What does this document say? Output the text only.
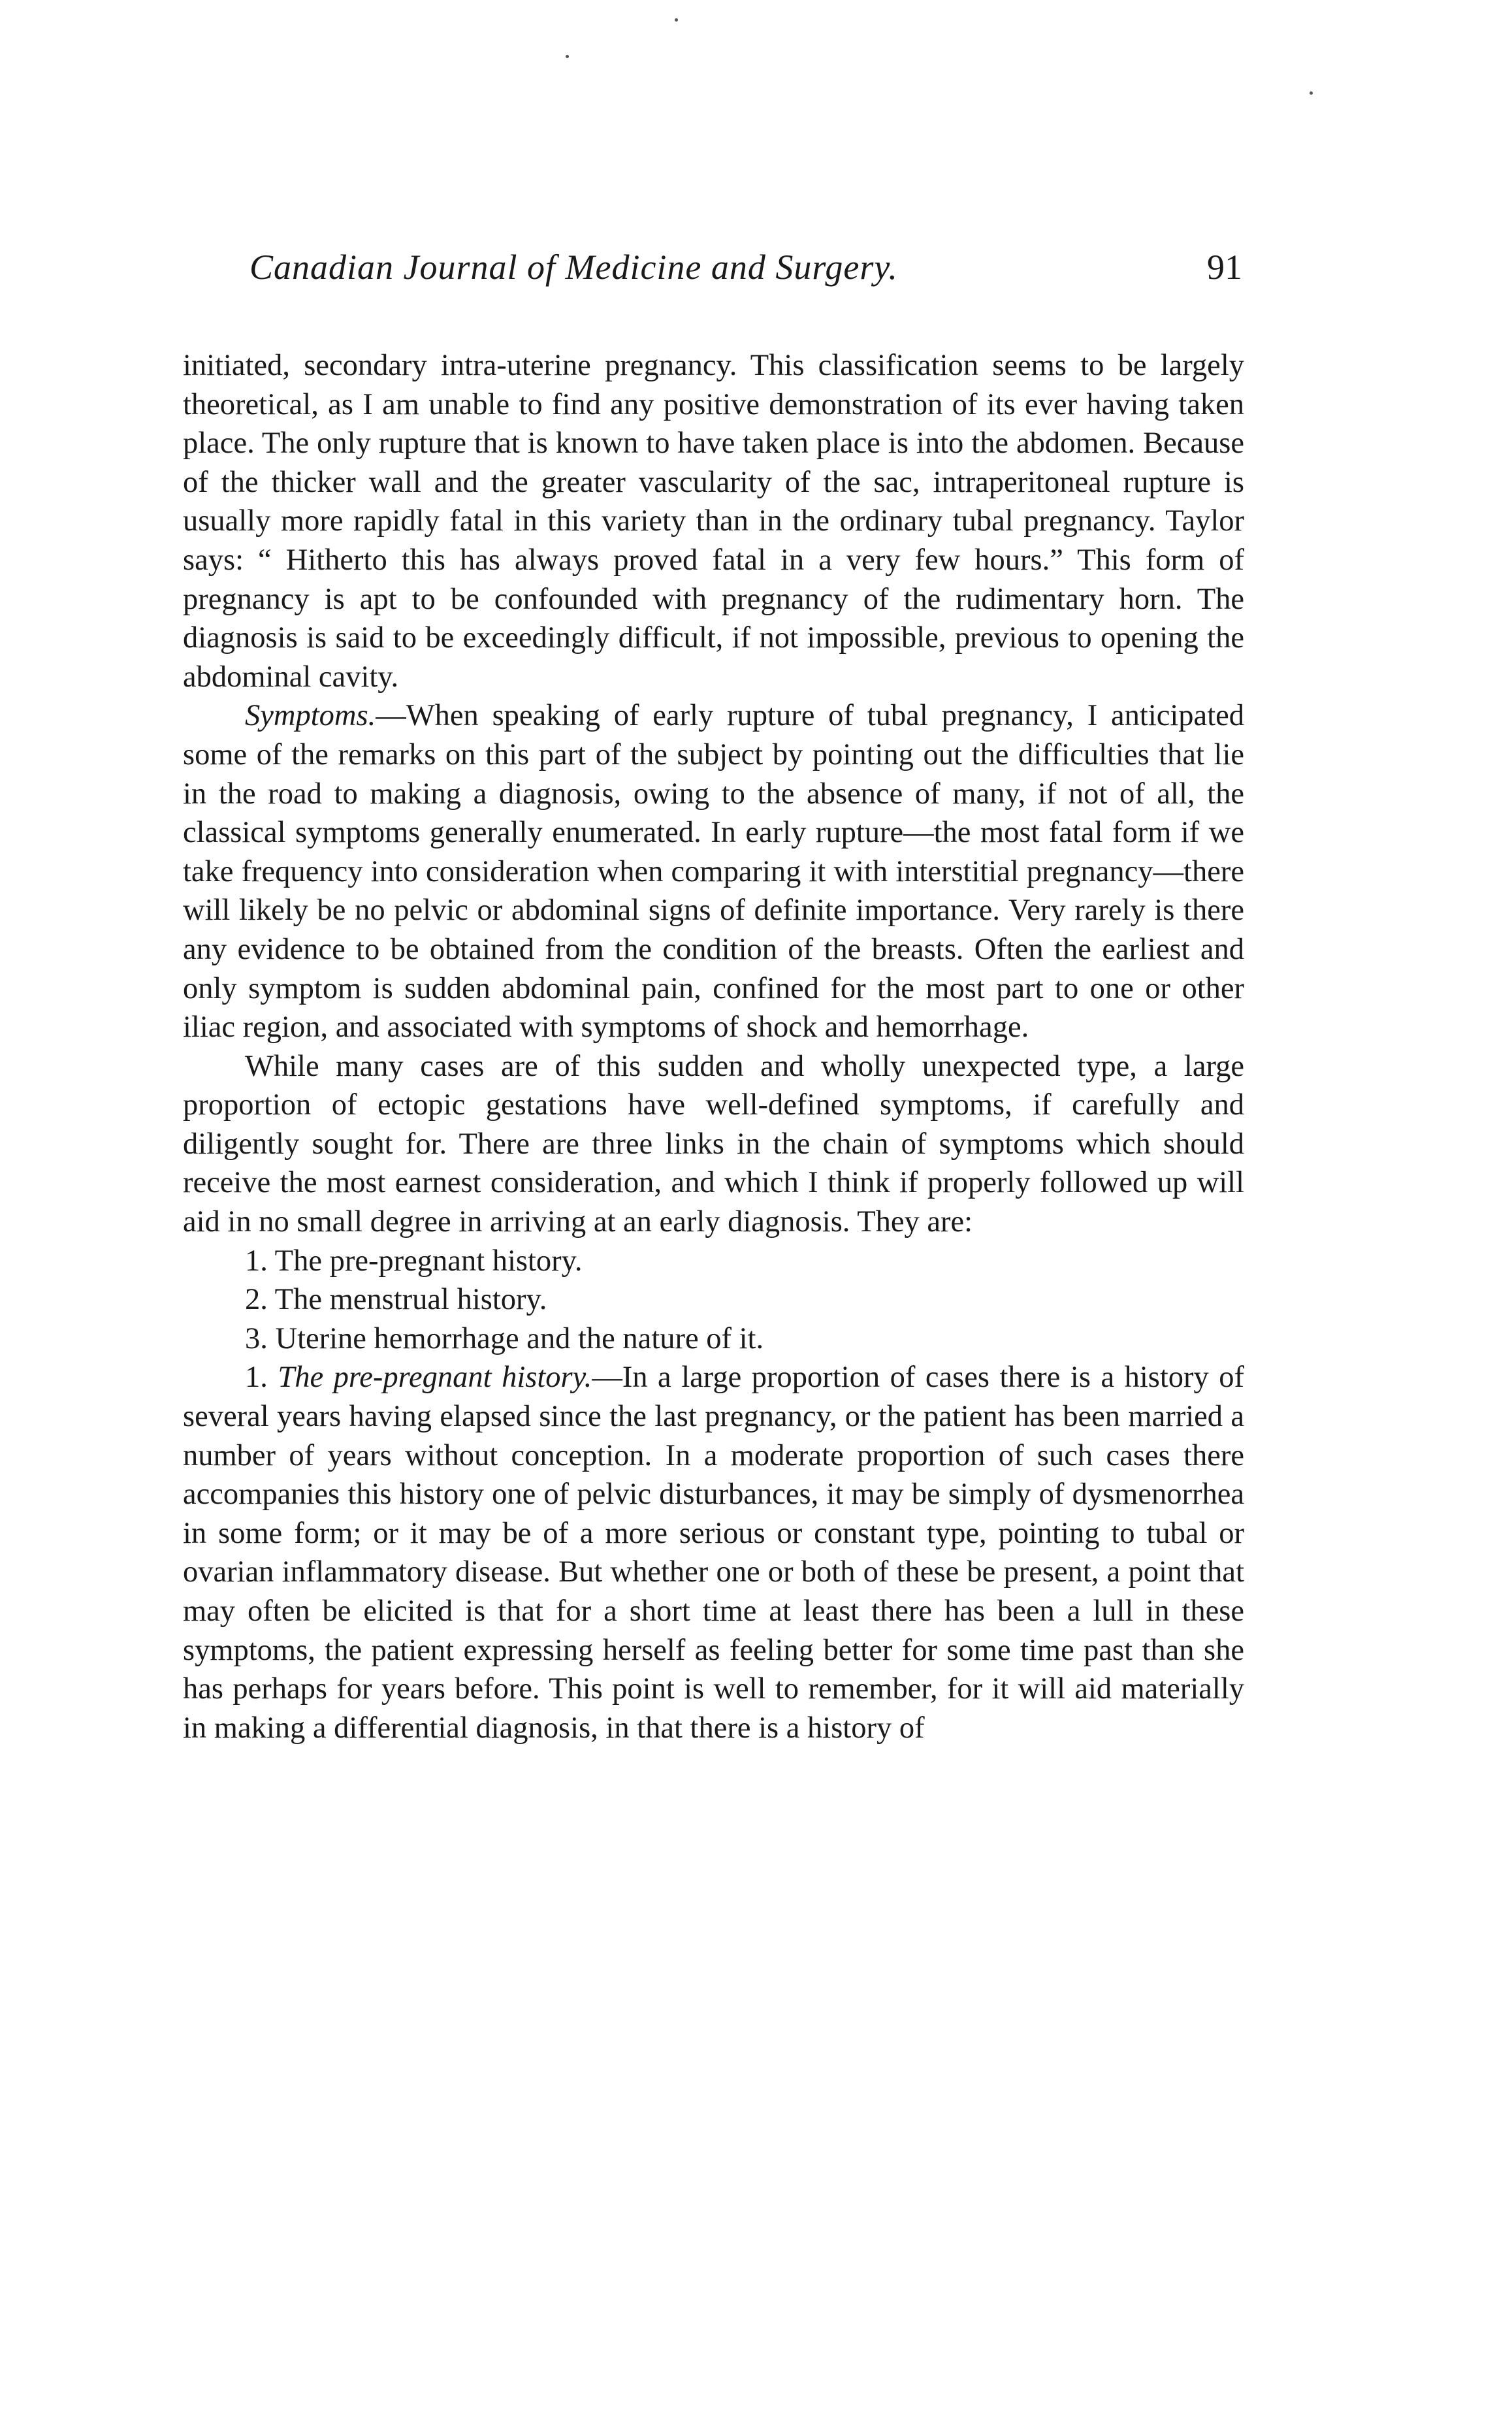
Canadian Journal of Medicine and Surgery.	91

initiated, secondary intra-uterine pregnancy. This classification seems to be largely theoretical, as I am unable to find any positive demonstration of its ever having taken place. The only rupture that is known to have taken place is into the abdomen. Because of the thicker wall and the greater vascularity of the sac, intraperitoneal rupture is usually more rapidly fatal in this variety than in the ordinary tubal pregnancy. Taylor says: “ Hitherto this has always proved fatal in a very few hours.” This form of pregnancy is apt to be confounded with pregnancy of the rudimentary horn. The diagnosis is said to be exceedingly difficult, if not impossible, previous to opening the abdominal cavity.

Symptoms.—When speaking of early rupture of tubal pregnancy, I anticipated some of the remarks on this part of the subject by pointing out the difficulties that lie in the road to making a diagnosis, owing to the absence of many, if not of all, the classical symptoms generally enumerated. In early rupture—the most fatal form if we take frequency into consideration when comparing it with interstitial pregnancy—there will likely be no pelvic or abdominal signs of definite importance. Very rarely is there any evidence to be obtained from the condition of the breasts. Often the earliest and only symptom is sudden abdominal pain, confined for the most part to one or other iliac region, and associated with symptoms of shock and hemorrhage.

While many cases are of this sudden and wholly unexpected type, a large proportion of ectopic gestations have well-defined symptoms, if carefully and diligently sought for. There are three links in the chain of symptoms which should receive the most earnest consideration, and which I think if properly followed up will aid in no small degree in arriving at an early diagnosis. They are:

1. The pre-pregnant history.

2. The menstrual history.

3. Uterine hemorrhage and the nature of it.

1. The pre-pregnant history.—In a large proportion of cases there is a history of several years having elapsed since the last pregnancy, or the patient has been married a number of years without conception. In a moderate proportion of such cases there accompanies this history one of pelvic disturbances, it may be simply of dysmenorrhea in some form; or it may be of a more serious or constant type, pointing to tubal or ovarian inflammatory disease. But whether one or both of these be present, a point that may often be elicited is that for a short time at least there has been a lull in these symptoms, the patient expressing herself as feeling better for some time past than she has perhaps for years before. This point is well to remember, for it will aid materially in making a differential diagnosis, in that there is a history of
